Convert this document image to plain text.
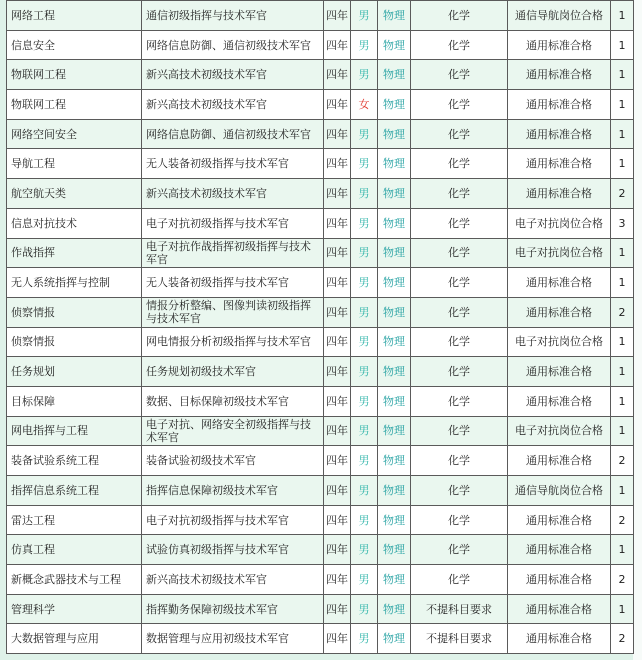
网络工程	通信初级指挥与技术军官	四年	男	物理	化学	通信导航岗位合格	1
信息安全	网络信息防御、通信初级技术军官	四年	男	物理	化学	通用标准合格	1
物联网工程	新兴高技术初级技术军官	四年	男	物理	化学	通用标准合格	1
物联网工程	新兴高技术初级技术军官	四年	女	物理	化学	通用标准合格	1
网络空间安全	网络信息防御、通信初级技术军官	四年	男	物理	化学	通用标准合格	1
导航工程	无人装备初级指挥与技术军官	四年	男	物理	化学	通用标准合格	1
航空航天类	新兴高技术初级技术军官	四年	男	物理	化学	通用标准合格	2
信息对抗技术	电子对抗初级指挥与技术军官	四年	男	物理	化学	电子对抗岗位合格	3
作战指挥	电子对抗作战指挥初级指挥与技术军官	四年	男	物理	化学	电子对抗岗位合格	1
无人系统指挥与控制	无人装备初级指挥与技术军官	四年	男	物理	化学	通用标准合格	1
侦察情报	情报分析整编、图像判读初级指挥与技术军官	四年	男	物理	化学	通用标准合格	2
侦察情报	网电情报分析初级指挥与技术军官	四年	男	物理	化学	电子对抗岗位合格	1
任务规划	任务规划初级技术军官	四年	男	物理	化学	通用标准合格	1
目标保障	数据、目标保障初级技术军官	四年	男	物理	化学	通用标准合格	1
网电指挥与工程	电子对抗、网络安全初级指挥与技术军官	四年	男	物理	化学	电子对抗岗位合格	1
装备试验系统工程	装备试验初级技术军官	四年	男	物理	化学	通用标准合格	2
指挥信息系统工程	指挥信息保障初级技术军官	四年	男	物理	化学	通信导航岗位合格	1
雷达工程	电子对抗初级指挥与技术军官	四年	男	物理	化学	通用标准合格	2
仿真工程	试验仿真初级指挥与技术军官	四年	男	物理	化学	通用标准合格	1
新概念武器技术与工程	新兴高技术初级技术军官	四年	男	物理	化学	通用标准合格	2
管理科学	指挥勤务保障初级技术军官	四年	男	物理	不提科目要求	通用标准合格	1
大数据管理与应用	数据管理与应用初级技术军官	四年	男	物理	不提科目要求	通用标准合格	2
